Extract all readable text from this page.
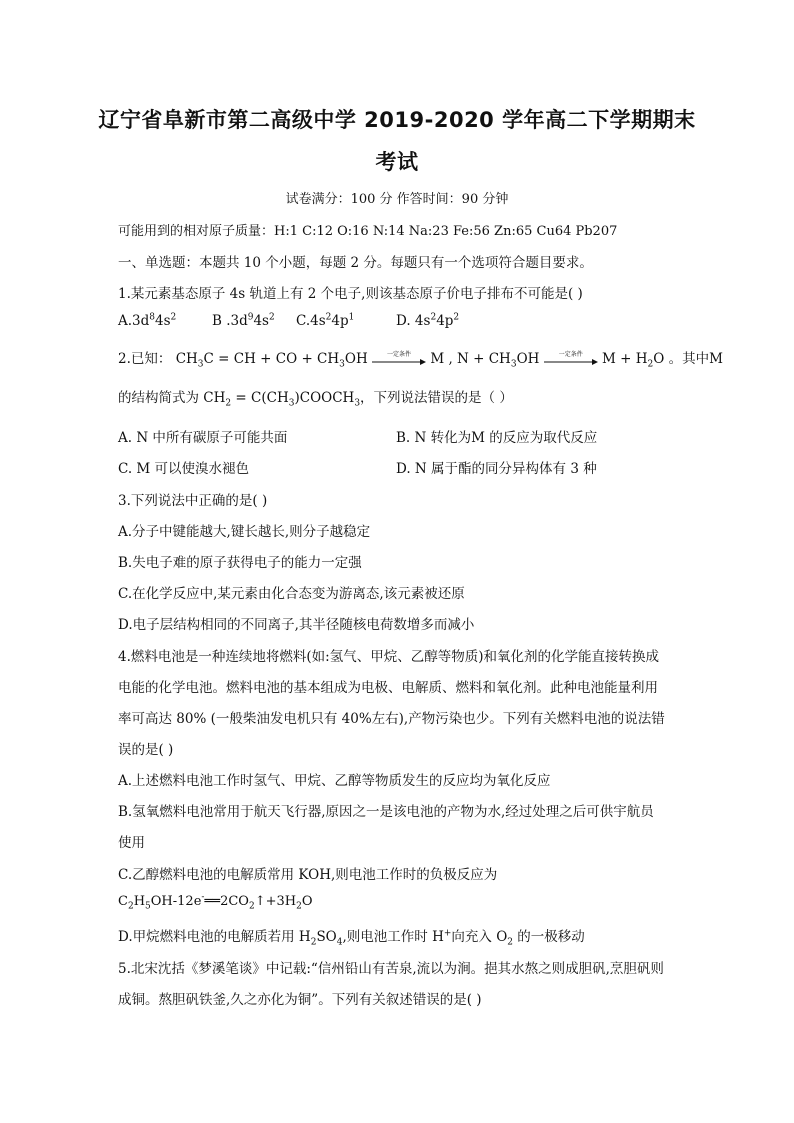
辽宁省阜新市第二高级中学 2019-2020 学年高二下学期期末
考试
试卷满分：100 分 作答时间：90 分钟
可能用到的相对原子质量：H:1 C:12 O:16 N:14 Na:23 Fe:56 Zn:65 Cu64 Pb207
一、单选题：本题共 10 个小题，每题 2 分。每题只有一个选项符合题目要求。
1.某元素基态原子 4s 轨道上有 2 个电子,则该基态原子价电子排布不可能是( )
$A.3d^84s^2$	B $.3d^94s^2$ $C.4s^24p^1$	D. $4s^24p^2$
2.已知： $CH_3C$ = CH + CO + $CH_3OH$	一定条件	M , $N + CH_3OH$	一定条件	$M + H_2O$ 。其中M
的结构简式为 $CH_2$ = $C(CH_3)COOCH_3$，下列说法错误的是（ ）
A. N 中所有碳原子可能共面	B. N 转化为M 的反应为取代反应
C. M 可以使溴水褪色	D. N 属于酯的同分异构体有 3 种
3.下列说法中正确的是( )
A.分子中键能越大,键长越长,则分子越稳定
B.失电子难的原子获得电子的能力一定强
C.在化学反应中,某元素由化合态变为游离态,该元素被还原
D.电子层结构相同的不同离子,其半径随核电荷数增多而减小
4.燃料电池是一种连续地将燃料(如:氢气、甲烷、乙醇等物质)和氧化剂的化学能直接转换成
电能的化学电池。燃料电池的基本组成为电极、电解质、燃料和氧化剂。此种电池能量利用
率可高达 80% (一般柴油发电机只有 40%左右),产物污染也少。下列有关燃料电池的说法错
误的是( )
A.上述燃料电池工作时氢气、甲烷、乙醇等物质发生的反应均为氧化反应
B.氢氧燃料电池常用于航天飞行器,原因之一是该电池的产物为水,经过处理之后可供宇航员
使用
C.乙醇燃料电池的电解质常用 KOH,则电池工作时的负极反应为
$C_2H_5OH-12e^-══2CO_2↑+3H_2O$
D.甲烷燃料电池的电解质若用 $H_2SO_4$,则电池工作时 H+向充入 $O_2$ 的一极移动
5.北宋沈括《梦溪笔谈》中记载:“信州铅山有苦泉,流以为涧。挹其水熬之则成胆矾,烹胆矾则
成铜。熬胆矾铁釜,久之亦化为铜”。下列有关叙述错误的是( )
